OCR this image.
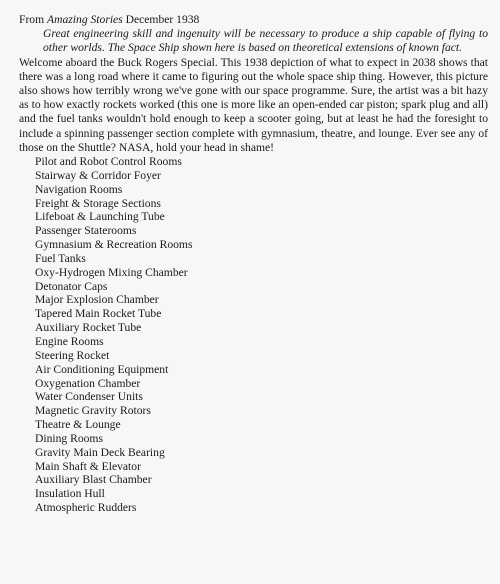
From Amazing Stories December 1938

Great engineering skill and ingenuity will be necessary to produce a ship capable of flying to other worlds. The Space Ship shown here is based on theoretical extensions of known fact.

Welcome aboard the Buck Rogers Special. This 1938 depiction of what to expect in 2038 shows that there was a long road where it came to figuring out the whole space ship thing. However, this picture also shows how terribly wrong we've gone with our space programme. Sure, the artist was a bit hazy as to how exactly rockets worked (this one is more like an open-ended car piston; spark plug and all) and the fuel tanks wouldn't hold enough to keep a scooter going, but at least he had the foresight to include a spinning passenger section complete with gymnasium, theatre, and lounge. Ever see any of those on the Shuttle? NASA, hold your head in shame!

Pilot and Robot Control Rooms
Stairway & Corridor Foyer
Navigation Rooms
Freight & Storage Sections
Lifeboat & Launching Tube
Passenger Staterooms
Gymnasium & Recreation Rooms
Fuel Tanks
Oxy-Hydrogen Mixing Chamber
Detonator Caps
Major Explosion Chamber
Tapered Main Rocket Tube
Auxiliary Rocket Tube
Engine Rooms
Steering Rocket
Air Conditioning Equipment
Oxygenation Chamber
Water Condenser Units
Magnetic Gravity Rotors
Theatre & Lounge
Dining Rooms
Gravity Main Deck Bearing
Main Shaft & Elevator
Auxiliary Blast Chamber
Insulation Hull
Atmospheric Rudders
